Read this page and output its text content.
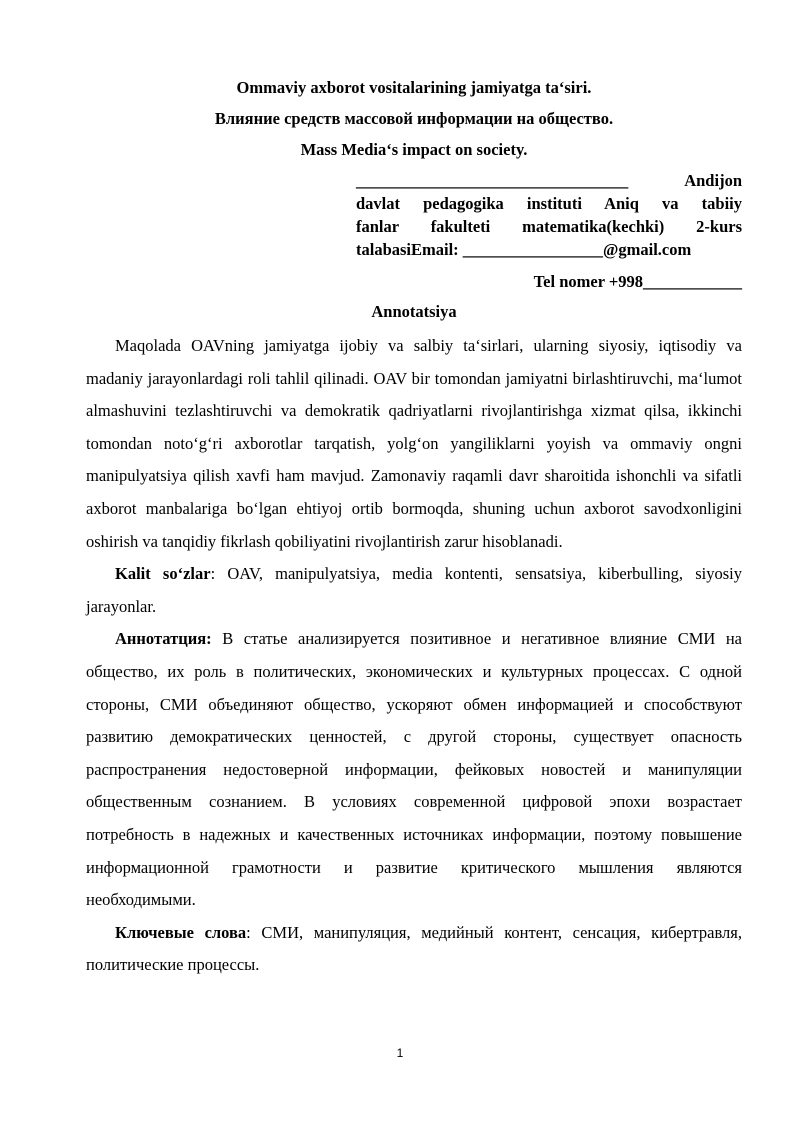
Ommaviy axborot vositalarining jamiyatga ta‘siri.
Влияние средств массовой информации на общество.
Mass Media‘s impact on society.
_________________________________	Andijon
davlat pedagogika instituti Aniq va tabiiy
fanlar fakulteti matematika(kechki) 2-kurs
talabasiEmail: _________________@gmail.com
Tel nomer +998____________
Annotatsiya

Maqolada OAVning jamiyatga ijobiy va salbiy ta‘sirlari, ularning siyosiy, iqtisodiy va madaniy jarayonlardagi roli tahlil qilinadi. OAV bir tomondan jamiyatni birlashtiruvchi, ma‘lumot almashuvini tezlashtiruvchi va demokratik qadriyatlarni rivojlantirishga xizmat qilsa, ikkinchi tomondan noto‘g‘ri axborotlar tarqatish, yolg‘on yangiliklarni yoyish va ommaviy ongni manipulyatsiya qilish xavfi ham mavjud. Zamonaviy raqamli davr sharoitida ishonchli va sifatli axborot manbalariga bo‘lgan ehtiyoj ortib bormoqda, shuning uchun axborot savodxonligini oshirish va tanqidiy fikrlash qobiliyatini rivojlantirish zarur hisoblanadi.

Kalit so‘zlar: OAV, manipulyatsiya, media kontenti, sensatsiya, kiberbulling, siyosiy jarayonlar.

Аннотатция: В статье анализируется позитивное и негативное влияние СМИ на общество, их роль в политических, экономических и культурных процессах. С одной стороны, СМИ объединяют общество, ускоряют обмен информацией и способствуют развитию демократических ценностей, с другой стороны, существует опасность распространения недостоверной информации, фейковых новостей и манипуляции общественным сознанием. В условиях современной цифровой эпохи возрастает потребность в надежных и качественных источниках информации, поэтому повышение информационной грамотности и развитие критического мышления являются необходимыми.

Ключевые слова: СМИ, манипуляция, медийный контент, сенсация, кибертравля, политические процессы.

1
